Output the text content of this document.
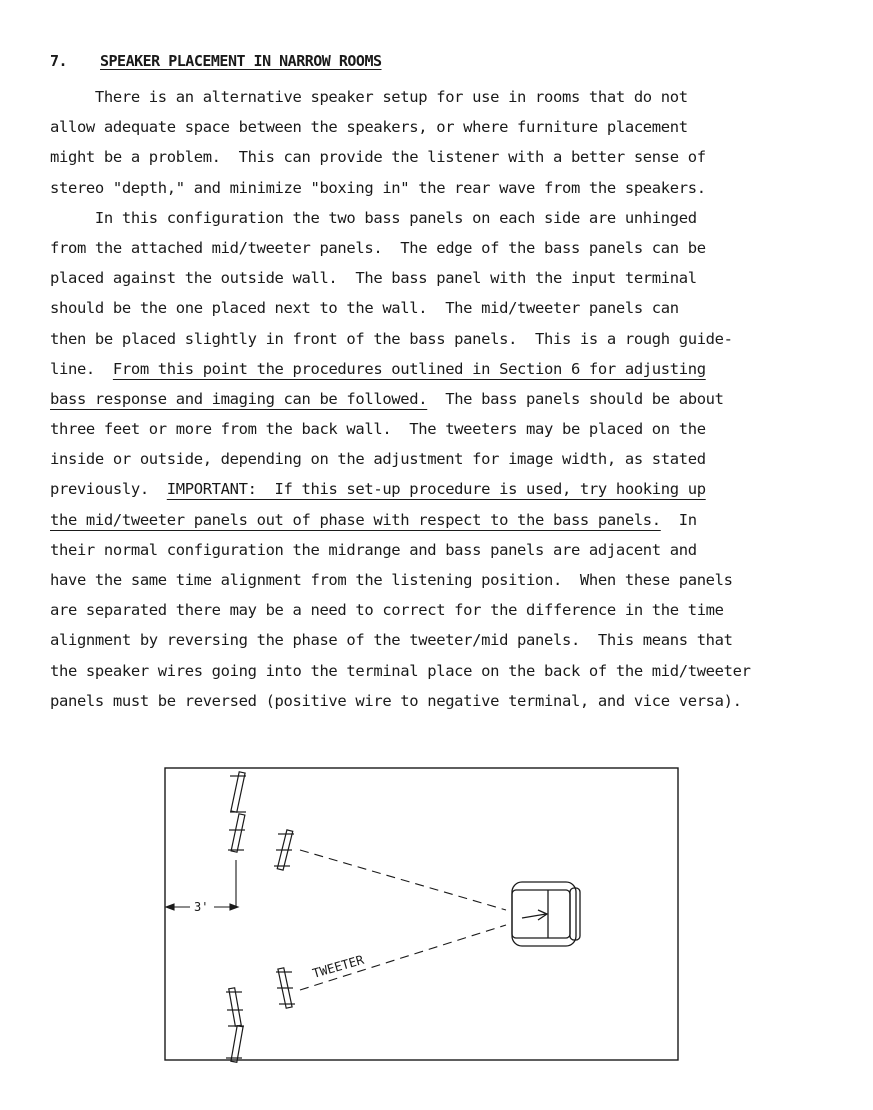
7. SPEAKER PLACEMENT IN NARROW ROOMS
There is an alternative speaker setup for use in rooms that do not
allow adequate space between the speakers, or where furniture placement
might be a problem.  This can provide the listener with a better sense of
stereo "depth," and minimize "boxing in" the rear wave from the speakers.
In this configuration the two bass panels on each side are unhinged
from the attached mid/tweeter panels.  The edge of the bass panels can be
placed against the outside wall.  The bass panel with the input terminal
should be the one placed next to the wall.  The mid/tweeter panels can
then be placed slightly in front of the bass panels.  This is a rough guide-
line.  From this point the procedures outlined in Section 6 for adjusting
bass response and imaging can be followed.  The bass panels should be about
three feet or more from the back wall.  The tweeters may be placed on the
inside or outside, depending on the adjustment for image width, as stated
previously.  IMPORTANT:  If this set-up procedure is used, try hooking up
the mid/tweeter panels out of phase with respect to the bass panels.  In
their normal configuration the midrange and bass panels are adjacent and
have the same time alignment from the listening position.  When these panels
are separated there may be a need to correct for the difference in the time
alignment by reversing the phase of the tweeter/mid panels.  This means that
the speaker wires going into the terminal place on the back of the mid/tweeter
panels must be reversed (positive wire to negative terminal, and vice versa).
3'
TWEETER
